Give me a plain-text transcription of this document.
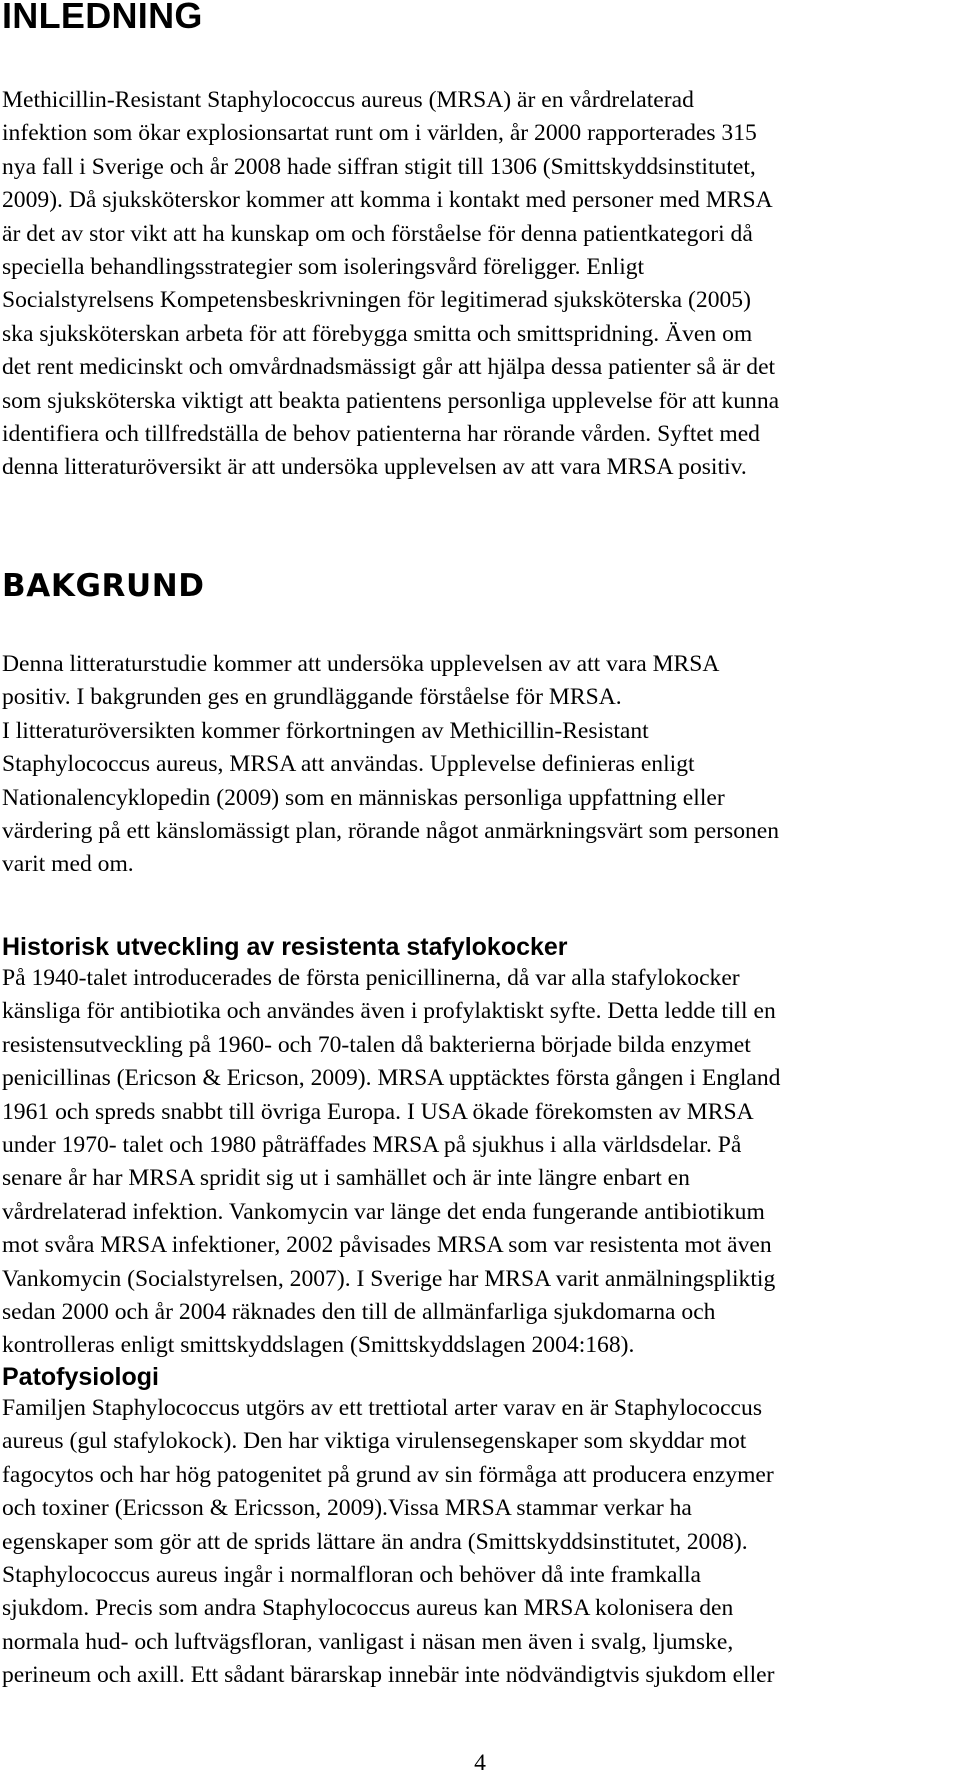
INLEDNING

Methicillin-Resistant Staphylococcus aureus (MRSA) är en vårdrelaterad
infektion som ökar explosionsartat runt om i världen, år 2000 rapporterades 315
nya fall i Sverige och år 2008 hade siffran stigit till 1306 (Smittskyddsinstitutet,
2009). Då sjuksköterskor kommer att komma i kontakt med personer med MRSA
är det av stor vikt att ha kunskap om och förståelse för denna patientkategori då
speciella behandlingsstrategier som isoleringsvård föreligger. Enligt
Socialstyrelsens Kompetensbeskrivningen för legitimerad sjuksköterska (2005)
ska sjuksköterskan arbeta för att förebygga smitta och smittspridning. Även om
det rent medicinskt och omvårdnadsmässigt går att hjälpa dessa patienter så är det
som sjuksköterska viktigt att beakta patientens personliga upplevelse för att kunna
identifiera och tillfredställa de behov patienterna har rörande vården. Syftet med
denna litteraturöversikt är att undersöka upplevelsen av att vara MRSA positiv.

BAKGRUND

Denna litteraturstudie kommer att undersöka upplevelsen av att vara MRSA
positiv. I bakgrunden ges en grundläggande förståelse för MRSA.
I litteraturöversikten kommer förkortningen av Methicillin-Resistant
Staphylococcus aureus, MRSA att användas. Upplevelse definieras enligt
Nationalencyklopedin (2009) som en människas personliga uppfattning eller
värdering på ett känslomässigt plan, rörande något anmärkningsvärt som personen
varit med om.

Historisk utveckling av resistenta stafylokocker

På 1940-talet introducerades de första penicillinerna, då var alla stafylokocker
känsliga för antibiotika och användes även i profylaktiskt syfte. Detta ledde till en
resistensutveckling på 1960- och 70-talen då bakterierna började bilda enzymet
penicillinas (Ericson & Ericson, 2009). MRSA upptäcktes första gången i England
1961 och spreds snabbt till övriga Europa. I USA ökade förekomsten av MRSA
under 1970- talet och 1980 påträffades MRSA på sjukhus i alla världsdelar. På
senare år har MRSA spridit sig ut i samhället och är inte längre enbart en
vårdrelaterad infektion. Vankomycin var länge det enda fungerande antibiotikum
mot svåra MRSA infektioner, 2002 påvisades MRSA som var resistenta mot även
Vankomycin (Socialstyrelsen, 2007). I Sverige har MRSA varit anmälningspliktig
sedan 2000 och år 2004 räknades den till de allmänfarliga sjukdomarna och
kontrolleras enligt smittskyddslagen (Smittskyddslagen 2004:168).

Patofysiologi

Familjen Staphylococcus utgörs av ett trettiotal arter varav en är Staphylococcus
aureus (gul stafylokock). Den har viktiga virulensegenskaper som skyddar mot
fagocytos och har hög patogenitet på grund av sin förmåga att producera enzymer
och toxiner (Ericsson & Ericsson, 2009).Vissa MRSA stammar verkar ha
egenskaper som gör att de sprids lättare än andra (Smittskyddsinstitutet, 2008).
Staphylococcus aureus ingår i normalfloran och behöver då inte framkalla
sjukdom. Precis som andra Staphylococcus aureus kan MRSA kolonisera den
normala hud- och luftvägsfloran, vanligast i näsan men även i svalg, ljumske,
perineum och axill. Ett sådant bärarskap innebär inte nödvändigtvis sjukdom eller

4
